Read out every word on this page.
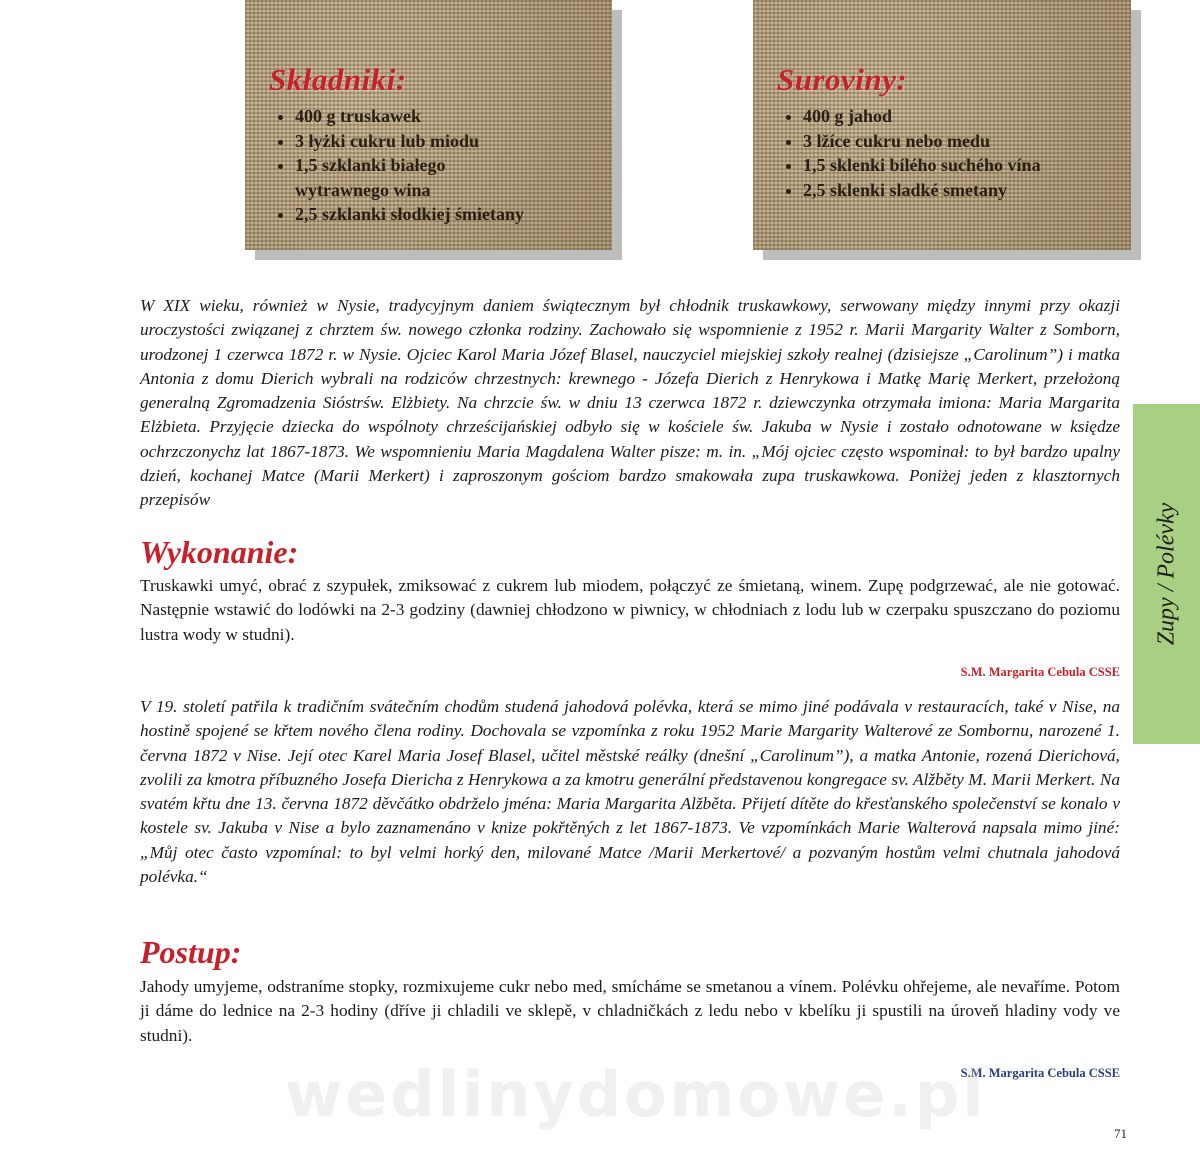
Składniki:
• 400 g truskawek
• 3 łyżki cukru lub miodu
• 1,5 szklanki białego wytrawnego wina
• 2,5 szklanki słodkiej śmietany
Suroviny:
• 400 g jahod
• 3 lžíce cukru nebo medu
• 1,5 sklenki bílého suchého vína
• 2,5 sklenki sladké smetany

W XIX wieku, również w Nysie, tradycyjnym daniem świątecznym był chłodnik truskawkowy, serwowany między innymi przy okazji uroczystości związanej z chrztem św. nowego członka rodziny. Zachowało się wspomnienie z 1952 r. Marii Margarity Walter z Somborn, urodzonej 1 czerwca 1872 r. w Nysie. Ojciec Karol Maria Józef Blasel, nauczyciel miejskiej szkoły realnej (dzisiejsze „Carolinum”) i matka Antonia z domu Dierich wybrali na rodziców chrzestnych: krewnego - Józefa Dierich z Henrykowa i Matkę Marię Merkert, przełożoną generalną Zgromadzenia Sióstrśw. Elżbiety. Na chrzcie św. w dniu 13 czerwca 1872 r. dziewczynka otrzymała imiona: Maria Margarita Elżbieta. Przyjęcie dziecka do wspólnoty chrześcijańskiej odbyło się w kościele św. Jakuba w Nysie i zostało odnotowane w księdze ochrzczonychz lat 1867-1873. We wspomnieniu Maria Magdalena Walter pisze: m. in. „Mój ojciec często wspominał: to był bardzo upalny dzień, kochanej Matce (Marii Merkert) i zaproszonym gościom bardzo smakowała zupa truskawkowa. Poniżej jeden z klasztornych przepisów

Wykonanie:

Truskawki umyć, obrać z szypułek, zmiksować z cukrem lub miodem, połączyć ze śmietaną, winem. Zupę podgrzewać, ale nie gotować. Następnie wstawić do lodówki na 2-3 godziny (dawniej chłodzono w piwnicy, w chłodniach z lodu lub w czerpaku spuszczano do poziomu lustra wody w studni).

S.M. Margarita Cebula CSSE

V 19. století patřila k tradičním svátečním chodům studená jahodová polévka, která se mimo jiné podávala v restauracích, také v Nise, na hostině spojené se křtem nového člena rodiny. Dochovala se vzpomínka z roku 1952 Marie Margarity Walterové ze Sombornu, narozené 1. června 1872 v Nise. Její otec Karel Maria Josef Blasel, učitel městské reálky (dnešní „Carolinum”), a matka Antonie, rozená Dierichová, zvolili za kmotra příbuzného Josefa Diericha z Henrykowa a za kmotru generální představenou kongregace sv. Alžběty M. Marii Merkert. Na svatém křtu dne 13. června 1872 děvčátko obdrželo jména: Maria Margarita Alžběta. Přijetí dítěte do křesťanského společenství se konalo v kostele sv. Jakuba v Nise a bylo zaznamenáno v knize pokřtěných z let 1867-1873. Ve vzpomínkách Marie Walterová napsala mimo jiné: „Můj otec často vzpomínal: to byl velmi horký den, milované Matce /Marii Merkertové/ a pozvaným hostům velmi chutnala jahodová polévka.“

Postup:

Jahody umyjeme, odstraníme stopky, rozmixujeme cukr nebo med, smícháme se smetanou a vínem. Polévku ohřejeme, ale nevaříme. Potom ji dáme do lednice na 2-3 hodiny (dříve ji chladili ve sklepě, v chladničkách z ledu nebo v kbelíku ji spustili na úroveň hladiny vody ve studni).

S.M. Margarita Cebula CSSE

Zupy / Polévky

wedlinydomowe.pl

71
